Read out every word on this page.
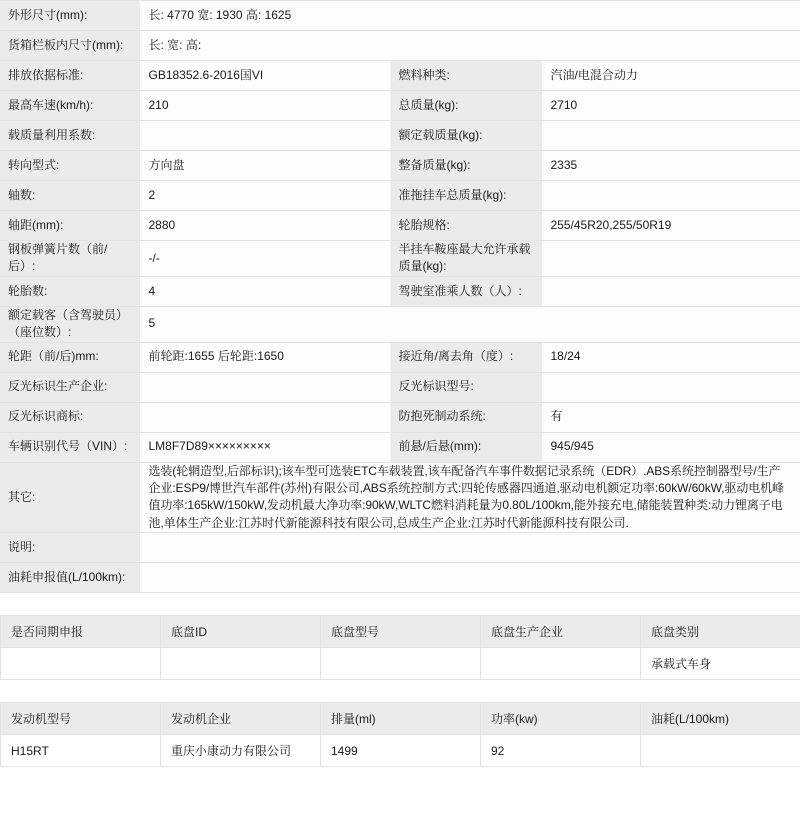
外形尺寸(mm):	长: 4770 宽: 1930 高: 1625		
货箱栏板内尺寸(mm):	长: 宽: 高:		
排放依据标准:	GB18352.6-2016国VI	燃料种类:	汽油/电混合动力
最高车速(km/h):	210	总质量(kg):	2710
载质量利用系数:		额定载质量(kg):	
转向型式:	方向盘	整备质量(kg):	2335
轴数:	2	准拖挂车总质量(kg):	
轴距(mm):	2880	轮胎规格:	255/45R20,255/50R19
钢板弹簧片数（前/后）:	-/-	半挂车鞍座最大允许承载质量(kg):	
轮胎数:	4	驾驶室准乘人数（人）:	
额定载客（含驾驶员）（座位数）:	5		
轮距（前/后)mm:	前轮距:1655 后轮距:1650	接近角/离去角（度）:	18/24
反光标识生产企业:		反光标识型号:	
反光标识商标:		防抱死制动系统:	有
车辆识别代号（VIN）:	LM8F7D89×××××××××	前悬/后悬(mm):	945/945
其它:	选装(轮辋造型,后部标识);该车型可选装ETC车载装置,该车配备汽车事件数据记录系统（EDR）.ABS系统控制器型号/生产企业:ESP9/博世汽车部件(苏州)有限公司,ABS系统控制方式:四轮传感器四通道,驱动电机额定功率:60kW/60kW,驱动电机峰值功率:165kW/150kW,发动机最大净功率:90kW,WLTC燃料消耗量为0.80L/100km,能外接充电,储能装置种类:动力锂离子电池,单体生产企业:江苏时代新能源科技有限公司,总成生产企业:江苏时代新能源科技有限公司.		
说明:			
油耗申报值(L/100km):			
是否同期申报	底盘ID	底盘型号	底盘生产企业	底盘类别
				承载式车身
发动机型号	发动机企业	排量(ml)	功率(kw)	油耗(L/100km)
H15RT	重庆小康动力有限公司	1499	92	
